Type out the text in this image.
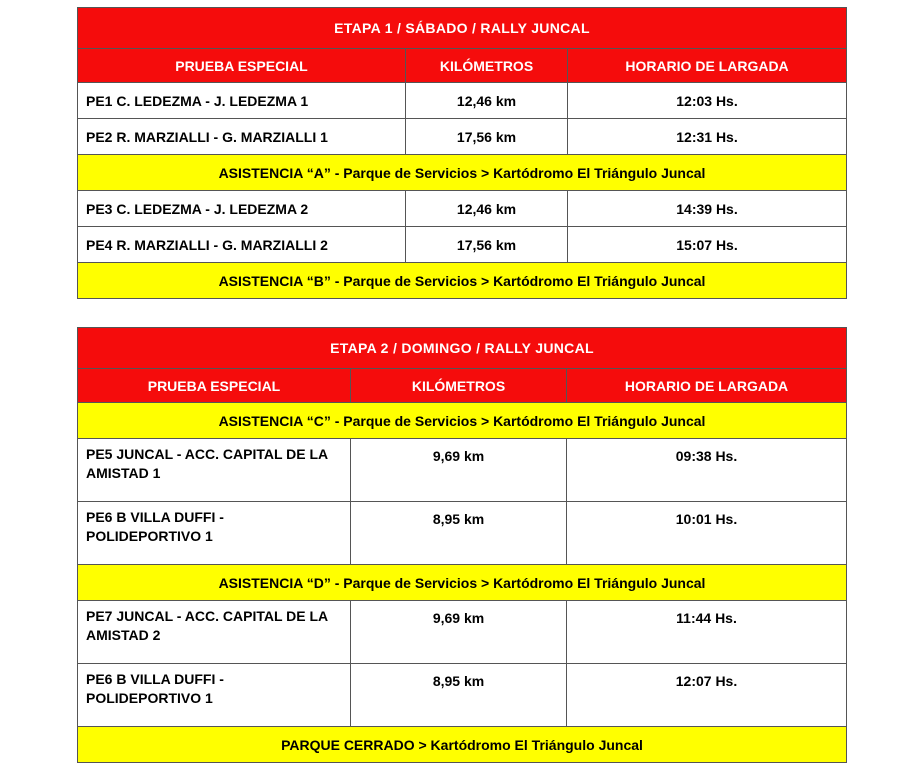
ETAPA 1 / SÁBADO / RALLY JUNCAL		
PRUEBA ESPECIAL	KILÓMETROS	HORARIO DE LARGADA
PE1 C. LEDEZMA - J. LEDEZMA 1	12,46 km	12:03 Hs.
PE2 R. MARZIALLI - G. MARZIALLI 1	17,56 km	12:31 Hs.
ASISTENCIA “A” - Parque de Servicios > Kartódromo El Triángulo Juncal		
PE3 C. LEDEZMA - J. LEDEZMA 2	12,46 km	14:39 Hs.
PE4 R. MARZIALLI - G. MARZIALLI 2	17,56 km	15:07 Hs.
ASISTENCIA “B” - Parque de Servicios > Kartódromo El Triángulo Juncal		
ETAPA 2 / DOMINGO / RALLY JUNCAL		
PRUEBA ESPECIAL	KILÓMETROS	HORARIO DE LARGADA
ASISTENCIA “C” - Parque de Servicios > Kartódromo El Triángulo Juncal		
PE5 JUNCAL - ACC. CAPITAL DE LA AMISTAD 1	9,69 km	09:38 Hs.
PE6 B VILLA DUFFI - POLIDEPORTIVO 1	8,95 km	10:01 Hs.
ASISTENCIA “D” - Parque de Servicios > Kartódromo El Triángulo Juncal		
PE7 JUNCAL - ACC. CAPITAL DE LA AMISTAD 2	9,69 km	11:44 Hs.
PE6 B VILLA DUFFI - POLIDEPORTIVO 1	8,95 km	12:07 Hs.
PARQUE CERRADO > Kartódromo El Triángulo Juncal		
